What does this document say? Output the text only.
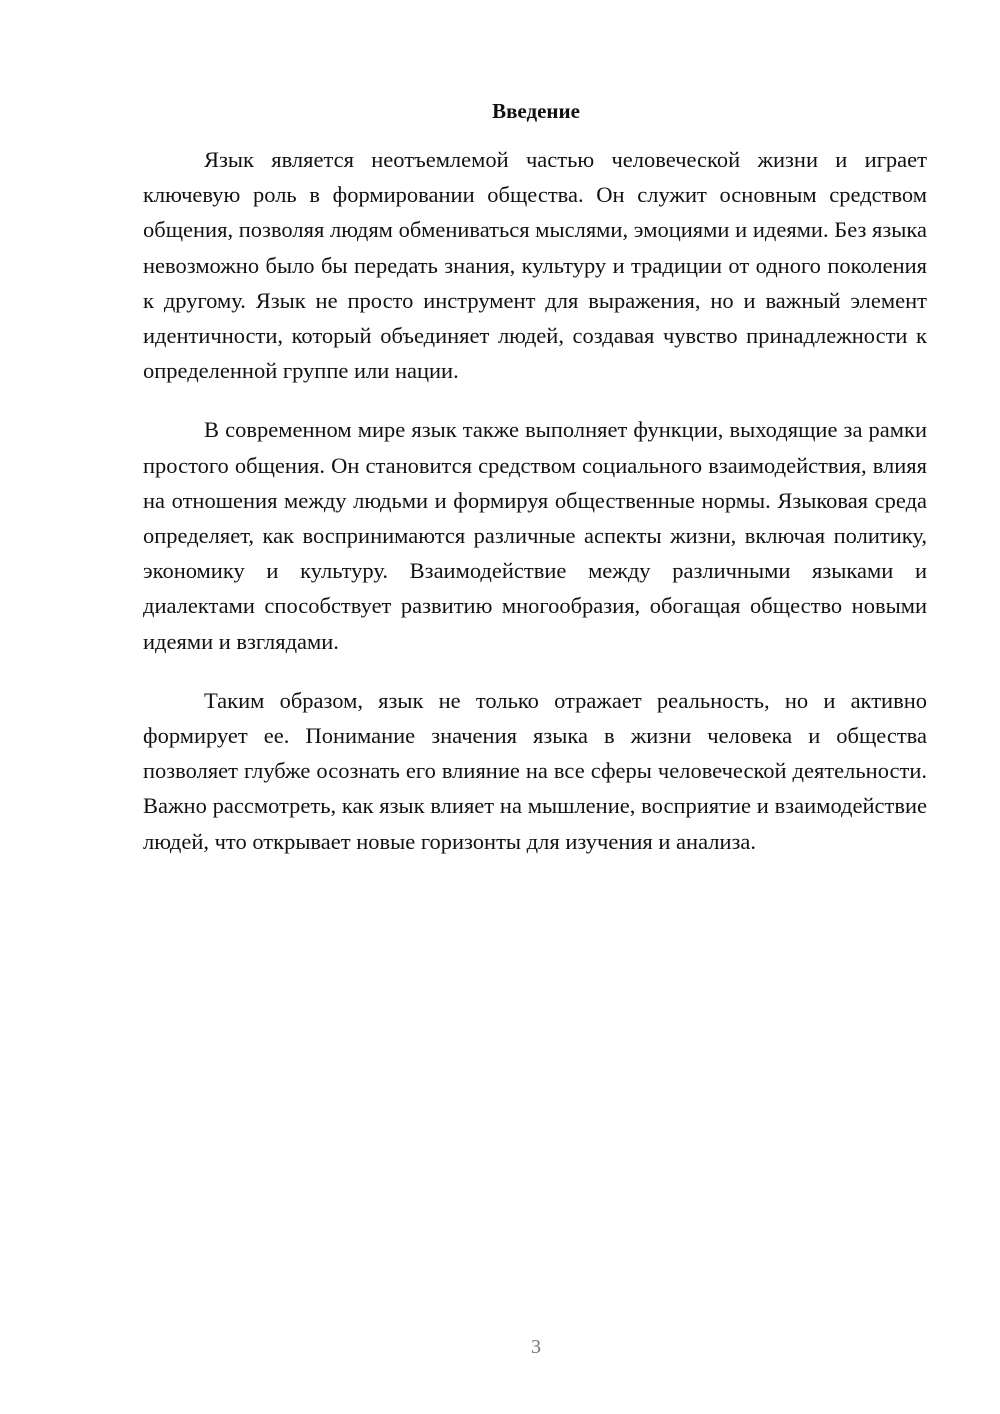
Введение

Язык является неотъемлемой частью человеческой жизни и играет ключевую роль в формировании общества. Он служит основным средством общения, позволяя людям обмениваться мыслями, эмоциями и идеями. Без языка невозможно было бы передать знания, культуру и традиции от одного поколения к другому. Язык не просто инструмент для выражения, но и важный элемент идентичности, который объединяет людей, создавая чувство принадлежности к определенной группе или нации.

В современном мире язык также выполняет функции, выходящие за рамки простого общения. Он становится средством социального взаимодействия, влияя на отношения между людьми и формируя общественные нормы. Языковая среда определяет, как воспринимаются различные аспекты жизни, включая политику, экономику и культуру. Взаимодействие между различными языками и диалектами способствует развитию многообразия, обогащая общество новыми идеями и взглядами.

Таким образом, язык не только отражает реальность, но и активно формирует ее. Понимание значения языка в жизни человека и общества позволяет глубже осознать его влияние на все сферы человеческой деятельности. Важно рассмотреть, как язык влияет на мышление, восприятие и взаимодействие людей, что открывает новые горизонты для изучения и анализа.

3
